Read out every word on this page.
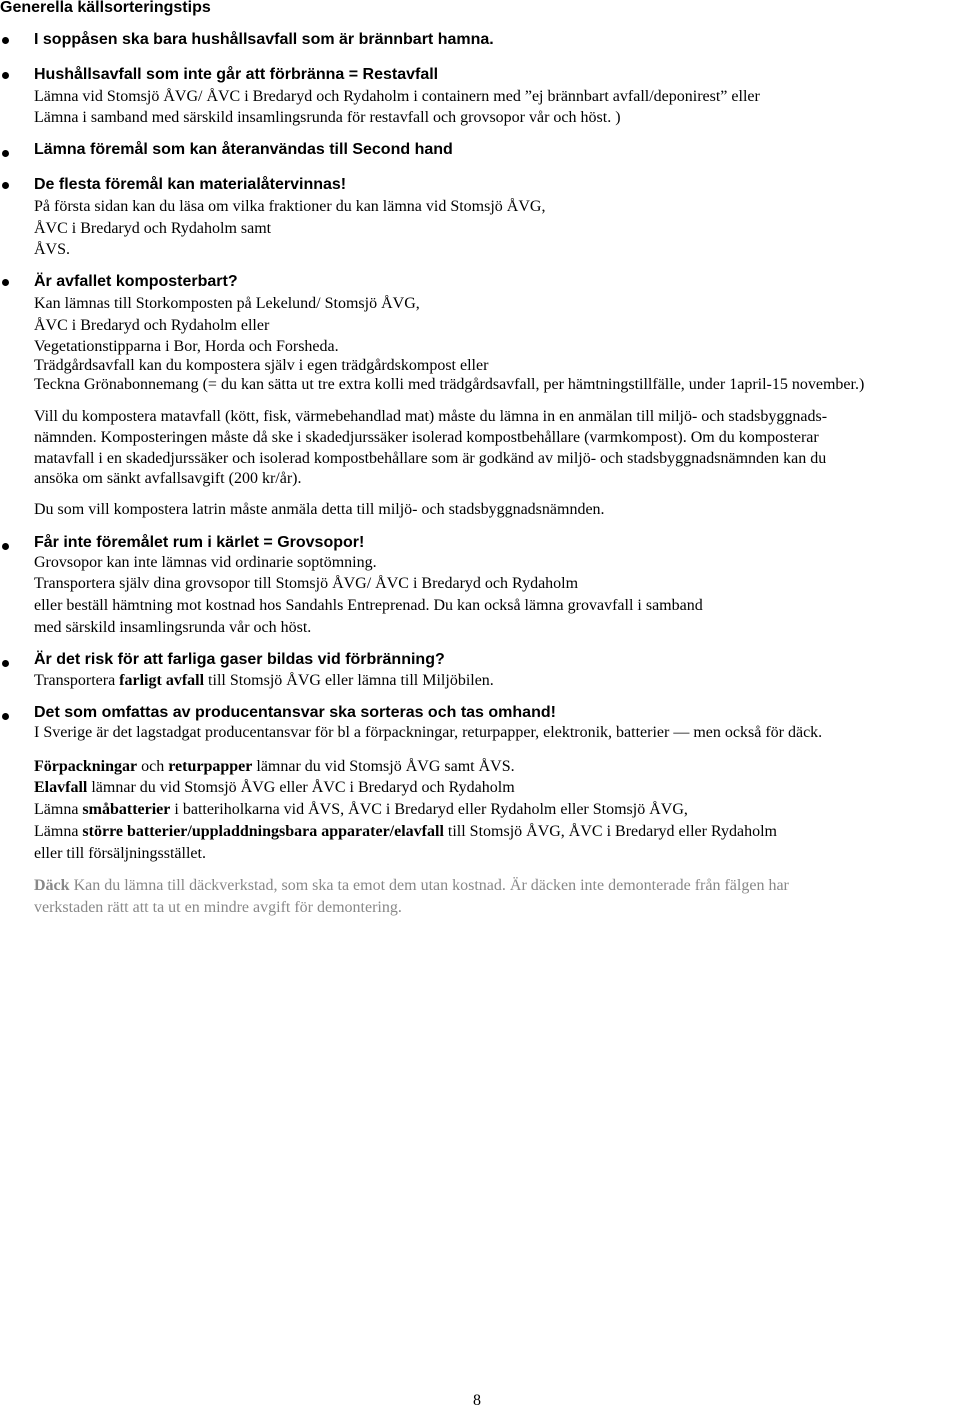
Generella källsorteringstips
I soppåsen ska bara hushållsavfall som är brännbart hamna.
Hushållsavfall som inte går att förbränna = Restavfall
Lämna vid Stomsjö ÅVG/ ÅVC i Bredaryd och Rydaholm i containern med ”ej brännbart avfall/deponirest” eller
Lämna i samband med särskild insamlingsrunda för restavfall och grovsopor vår och höst. )
Lämna föremål som kan återanvändas till Second hand
De flesta föremål kan materialåtervinnas!
På första sidan kan du läsa om vilka fraktioner du kan lämna vid Stomsjö ÅVG,
ÅVC i Bredaryd och Rydaholm samt
ÅVS.
Är avfallet komposterbart?
Kan lämnas till Storkomposten på Lekelund/ Stomsjö ÅVG,
ÅVC i Bredaryd och Rydaholm eller
Vegetationstipparna i Bor, Horda och Forsheda.
Trädgårdsavfall kan du kompostera själv i egen trädgårdskompost eller
Teckna Grönabonnemang (= du kan sätta ut tre extra kolli med trädgårdsavfall, per hämtningstillfälle, under 1april-15 november.)
Vill du kompostera matavfall (kött, fisk, värmebehandlad mat) måste du lämna in en anmälan till miljö- och stadsbyggnads-
nämnden. Komposteringen måste då ske i skadedjurssäker isolerad kompostbehållare (varmkompost). Om du komposterar
matavfall i en skadedjurssäker och isolerad kompostbehållare som är godkänd av miljö- och stadsbyggnadsnämnden kan du
ansöka om sänkt avfallsavgift (200 kr/år).
Du som vill kompostera latrin måste anmäla detta till miljö- och stadsbyggnadsnämnden.
Får inte föremålet rum i kärlet = Grovsopor!
Grovsopor kan inte lämnas vid ordinarie soptömning.
Transportera själv dina grovsopor till Stomsjö ÅVG/ ÅVC i Bredaryd och Rydaholm
eller beställ hämtning mot kostnad hos Sandahls Entreprenad. Du kan också lämna grovavfall i samband
med särskild insamlingsrunda vår och höst.
Är det risk för att farliga gaser bildas vid förbränning?
Transportera farligt avfall till Stomsjö ÅVG eller lämna till Miljöbilen.
Det som omfattas av producentansvar ska sorteras och tas omhand!
I Sverige är det lagstadgat producentansvar för bl a förpackningar, returpapper, elektronik, batterier — men också för däck.
Förpackningar och returpapper lämnar du vid Stomsjö ÅVG samt ÅVS.
Elavfall lämnar du vid Stomsjö ÅVG eller ÅVC i Bredaryd och Rydaholm
Lämna småbatterier i batteriholkarna vid ÅVS, ÅVC i Bredaryd eller Rydaholm eller Stomsjö ÅVG,
Lämna större batterier/uppladdningsbara apparater/elavfall till Stomsjö ÅVG, ÅVC i Bredaryd eller Rydaholm
eller till försäljningsstället.
Däck Kan du lämna till däckverkstad, som ska ta emot dem utan kostnad. Är däcken inte demonterade från fälgen har
verkstaden rätt att ta ut en mindre avgift för demontering.
8
